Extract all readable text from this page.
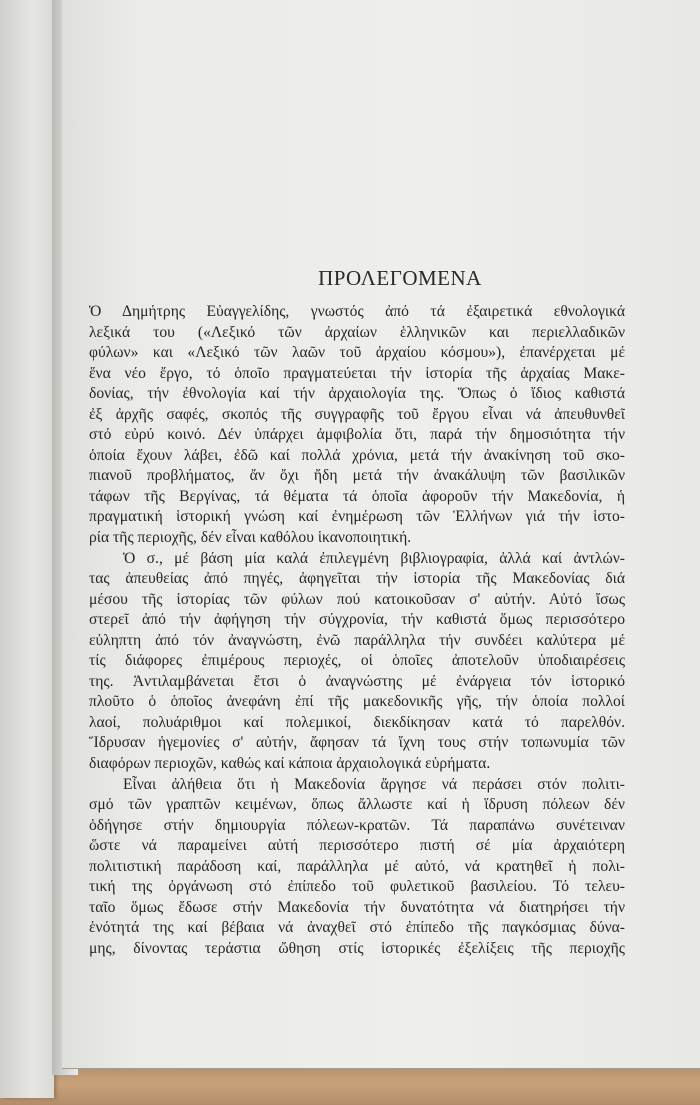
ΠΡΟΛΕΓΟΜΕΝΑ
Ὁ Δημήτρης Εὐαγγελίδης, γνωστός ἀπό τά ἐξαιρετικά εθνολογικά
λεξικά του («Λεξικό τῶν ἀρχαίων ἑλληνικῶν και περιελλαδικῶν
φύλων» και «Λεξικό τῶν λαῶν τοῦ ἀρχαίου κόσμου»), ἐπανέρχεται μέ
ἕνα νέο ἔργο, τό ὁποῖο πραγματεύεται τήν ἱστορία τῆς ἀρχαίας Μακε-
δονίας, τήν ἐθνολογία καί τήν ἀρχαιολογία της. Ὅπως ὁ ἴδιος καθιστά
ἐξ ἀρχῆς σαφές, σκοπός τῆς συγγραφῆς τοῦ ἔργου εἶναι νά ἀπευθυνθεῖ
στό εὐρύ κοινό. Δέν ὑπάρχει ἀμφιβολία ὅτι, παρά τήν δημοσιότητα τήν
ὁποία ἔχουν λάβει, ἐδῶ καί πολλά χρόνια, μετά τήν ἀνακίνηση τοῦ σκο-
πιανοῦ προβλήματος, ἄν ὄχι ἤδη μετά τήν ἀνακάλυψη τῶν βασιλικῶν
τάφων τῆς Βεργίνας, τά θέματα τά ὁποῖα ἀφοροῦν τήν Μακεδονία, ἡ
πραγματική ἱστορική γνώση καί ἐνημέρωση τῶν Ἑλλήνων γιά τήν ἱστο-
ρία τῆς περιοχῆς, δέν εἶναι καθόλου ἱκανοποιητική.
Ὁ σ., μέ βάση μία καλά ἐπιλεγμένη βιβλιογραφία, ἀλλά καί ἀντλών-
τας ἀπευθείας ἀπό πηγές, ἀφηγεῖται τήν ἱστορία τῆς Μακεδονίας διά
μέσου τῆς ἱστορίας τῶν φύλων πού κατοικοῦσαν σ' αὐτήν. Αὐτό ἴσως
στερεῖ ἀπό τήν ἀφήγηση τήν σύγχρονία, τήν καθιστά ὅμως περισσότερο
εὐληπτη ἀπό τόν ἀναγνώστη, ἐνῶ παράλληλα τήν συνδέει καλύτερα μέ
τίς διάφορες ἐπιμέρους περιοχές, οἱ ὁποῖες ἀποτελοῦν ὑποδιαιρέσεις
της. Ἀντιλαμβάνεται ἔτσι ὁ ἀναγνώστης μέ ἐνάργεια τόν ἱστορικό
πλοῦτο ὁ ὁποῖος ἀνεφάνη ἐπί τῆς μακεδονικῆς γῆς, τήν ὁποία πολλοί
λαοί, πολυάριθμοι καί πολεμικοί, διεκδίκησαν κατά τό παρελθόν.
Ἵδρυσαν ἡγεμονίες σ' αὐτήν, ἄφησαν τά ἴχνη τους στήν τοπωνυμία τῶν
διαφόρων περιοχῶν, καθώς καί κάποια ἀρχαιολογικά εὑρήματα.
Εἶναι ἀλήθεια ὅτι ἡ Μακεδονία ἄργησε νά περάσει στόν πολιτι-
σμό τῶν γραπτῶν κειμένων, ὅπως ἄλλωστε καί ἡ ἵδρυση πόλεων δέν
ὁδήγησε στήν δημιουργία πόλεων-κρατῶν. Τά παραπάνω συνέτειναν
ὥστε νά παραμείνει αὐτή περισσότερο πιστή σέ μία ἀρχαιότερη
πολιτιστική παράδοση καί, παράλληλα μέ αὐτό, νά κρατηθεῖ ἡ πολι-
τική της ὀργάνωση στό ἐπίπεδο τοῦ φυλετικοῦ βασιλείου. Τό τελευ-
ταῖο ὅμως ἔδωσε στήν Μακεδονία τήν δυνατότητα νά διατηρήσει τήν
ἑνότητά της καί βέβαια νά ἀναχθεῖ στό ἐπίπεδο τῆς παγκόσμιας δύνα-
μης, δίνοντας τεράστια ὤθηση στίς ἱστορικές ἐξελίξεις τῆς περιοχῆς
